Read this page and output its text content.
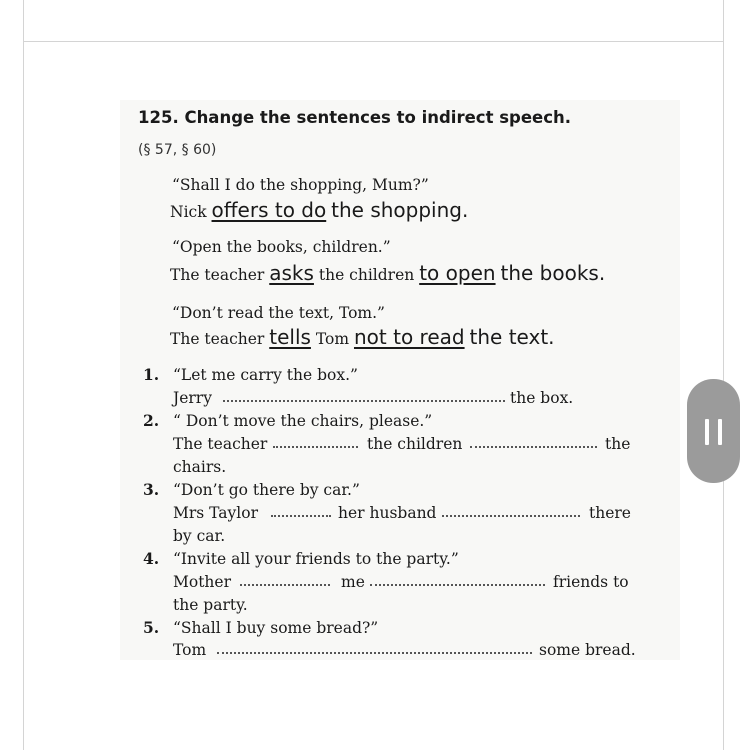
125. Change the sentences to indirect speech.
(§ 57, § 60)
“Shall I do the shopping, Mum?”
Nick offers to do the shopping.
“Open the books, children.”
The teacher asks the children to open the books.
“Don’t read the text, Tom.”
The teacher tells Tom not to read the text.
1. “Let me carry the box.”
Jerry	the box.
2. “ Don’t move the chairs, please.”
The teacher	the children	the
chairs.
3. “Don’t go there by car.”
Mrs Taylor	her husband	there
by car.
4. “Invite all your friends to the party.”
Mother	me	friends to
the party.
5. “Shall I buy some bread?”
Tom	some bread.
